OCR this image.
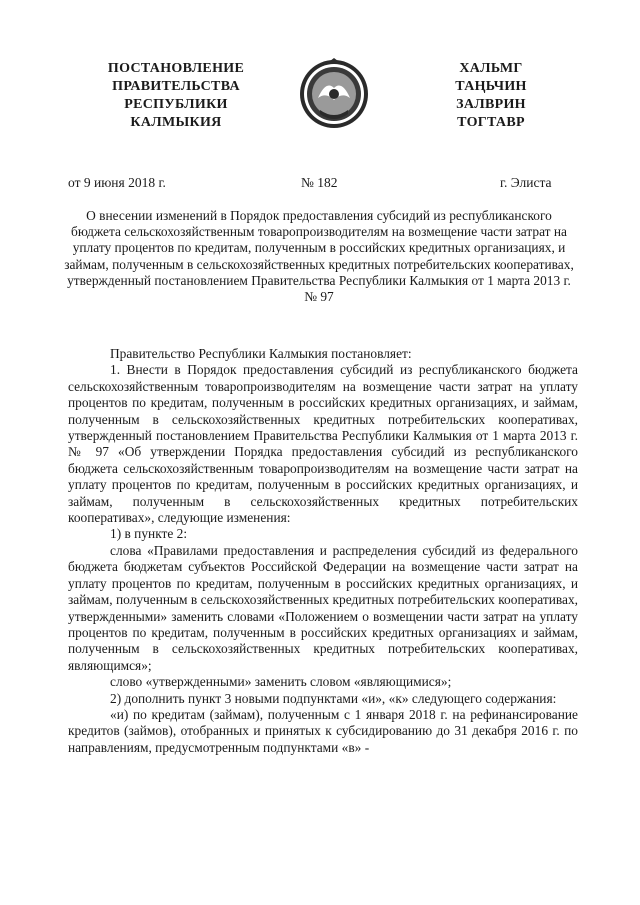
ПОСТАНОВЛЕНИЕ
ПРАВИТЕЛЬСТВА
РЕСПУБЛИКИ
КАЛМЫКИЯ
ХАЛЬМГ
ТАҢЬЧИН
ЗАЛВРИН
ТОГТАВР
от 9 июня 2018 г.	№ 182	г. Элиста
О внесении изменений в Порядок предоставления субсидий из республиканского бюджета сельскохозяйственным товаропроизводителям на возмещение части затрат на уплату процентов по кредитам, полученным в российских кредитных организациях, и займам, полученным в сельскохозяйственных кредитных потребительских кооперативах, утвержденный постановлением Правительства Республики Калмыкия от 1 марта 2013 г. № 97

Правительство Республики Калмыкия постановляет:

1. Внести в Порядок предоставления субсидий из республиканского бюджета сельскохозяйственным товаропроизводителям на возмещение части затрат на уплату процентов по кредитам, полученным в российских кредитных организациях, и займам, полученным в сельскохозяйственных кредитных потребительских кооперативах, утвержденный постановлением Правительства Республики Калмыкия от 1 марта 2013 г. № 97 «Об утверждении Порядка предоставления субсидий из республиканского бюджета сельскохозяйственным товаропроизводителям на возмещение части затрат на уплату процентов по кредитам, полученным в российских кредитных организациях, и займам, полученным в сельскохозяйственных кредитных потребительских кооперативах», следующие изменения:

1) в пункте 2:

слова «Правилами предоставления и распределения субсидий из федерального бюджета бюджетам субъектов Российской Федерации на возмещение части затрат на уплату процентов по кредитам, полученным в российских кредитных организациях, и займам, полученным в сельскохозяйственных кредитных потребительских кооперативах, утвержденными» заменить словами «Положением о возмещении части затрат на уплату процентов по кредитам, полученным в российских кредитных организациях и займам, полученным в сельскохозяйственных кредитных потребительских кооперативах, являющимся»;

слово «утвержденными» заменить словом «являющимися»;

2) дополнить пункт 3 новыми подпунктами «и», «к» следующего содержания:

«и) по кредитам (займам), полученным с 1 января 2018 г. на рефинансирование кредитов (займов), отобранных и принятых к субсидированию до 31 декабря 2016 г. по направлениям, предусмотренным подпунктами «в» -
